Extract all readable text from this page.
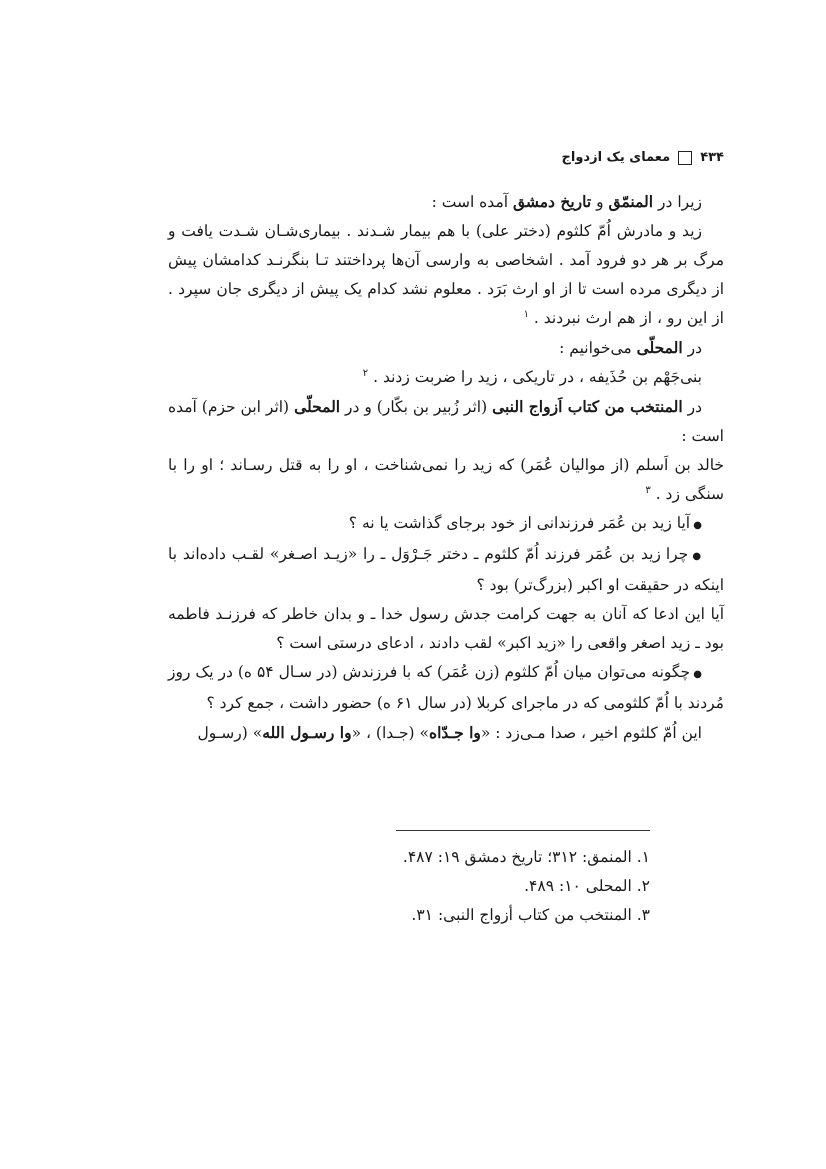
۴۳۴
معمای یک ازدواج

زیرا در المنمّق و تاریخ دمشق آمده است :

زید و مادرش اُمّ کلثوم (دختر علی) با هم بیمار شـدند . بیماری‌شـان شـدت یافت و مرگ بر هر دو فرود آمد . اشخاصی به وارسی آن‌ها پرداختند تـا بنگرنـد کدامشان پیش از دیگری مرده است تا از او ارث بَرَد . معلوم نشد کدام یک پیش از دیگری جان سپرد . از این رو ، از هم ارث نبردند . $^۱$

در المحلّی می‌خوانیم :

بنی‌جَهْم بن حُذَیفه ، در تاریکی ، زید را ضربت زدند . $^۲$

در المنتخب من کتاب اَزواج النبی (اثر زُبیر بن بکّار) و در المحلّی (اثر ابن حزم) آمده است :

خالد بن اَسلم (از موالیان عُمَر) که زید را نمی‌شناخت ، او را به قتل رسـاند ؛ او را با سنگی زد . $^۳$

● آیا زید بن عُمَر فرزندانی از خود برجای گذاشت یا نه ؟

● چرا زید بن عُمَر فرزند اُمّ کلثوم ـ دختر جَـرْوَل ـ را «زیـد اصـغر» لقـب داده‌اند با اینکه در حقیقت او اکبر (بزرگ‌تر) بود ؟

آیا این ادعا که آنان به جهت کرامت جدش رسول خدا ـ و بدان خاطر که فرزنـد فاطمه بود ـ زید اصغر واقعی را «زید اکبر» لقب دادند ، ادعای درستی است ؟

● چگونه می‌توان میان اُمّ کلثوم (زن عُمَر) که با فرزندش (در سـال ۵۴ ه) در یک روز مُردند با اُمّ کلثومی که در ماجرای کربلا (در سال ۶۱ ه) حضور داشت ، جمع کرد ؟

این اُمّ کلثوم اخیر ، صدا مـی‌زد : «وا جـدّاه» (جـدا) ، «وا رسـول الله» (رسـول

۱. المنمق: ۳۱۲؛ تاریخ دمشق ۱۹: ۴۸۷.

۲. المحلی ۱۰: ۴۸۹.

۳. المنتخب من کتاب أزواج النبی: ۳۱.
